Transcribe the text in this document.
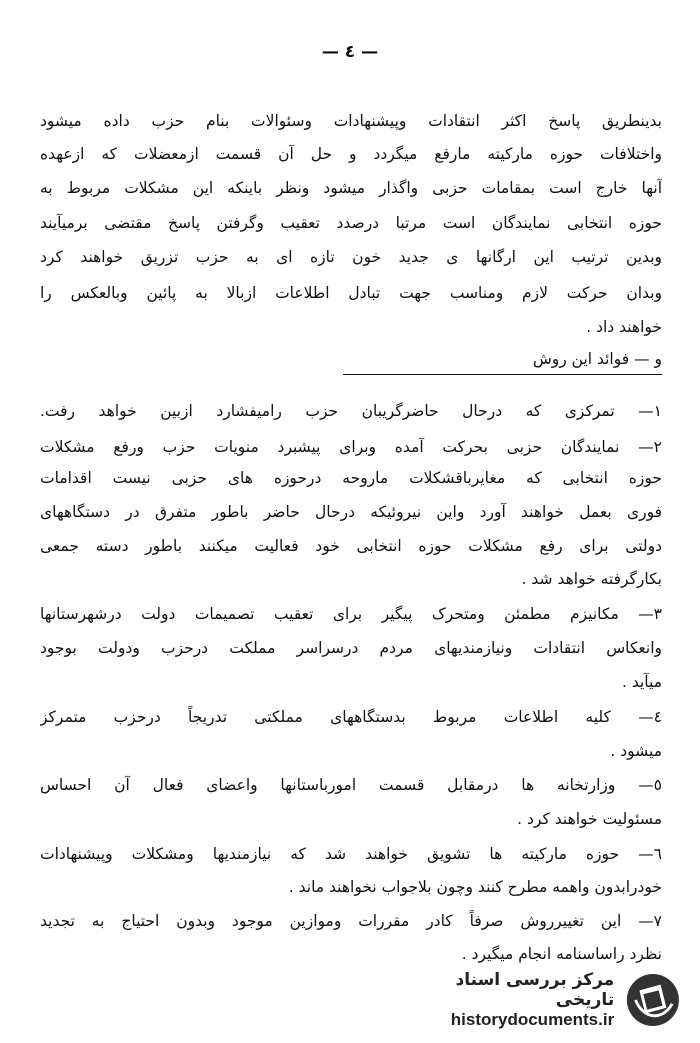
— ٤ —
بدینطریق پاسخ اکثر انتقادات وپیشنهادات وسئوالات بنام حزب داده میشود
واختلافات حوزه مارکیته مارفع میگردد و حل آن قسمت ازمعضلات که ازعهده
آنها خارج است بمقامات حزبی واگذار میشود ونظر باینکه این مشکلات مربوط به
حوزه انتخابی نمایندگان است مرتبا درصدد تعقیب وگرفتن پاسخ مقتضی برمیآیند
وبدین ترتیب این ارگانها ی جدید خون تازه ای به حزب تزریق خواهند کرد
وبدان حرکت لازم ومناسب جهت تبادل اطلاعات ازبالا به پائین وبالعکس را
خواهند داد .
و — فوائد این روش
١— تمرکزی که درحال حاضرگریبان حزب رامیفشارد ازبین خواهد رفت.
٢— نمایندگان حزبی بحرکت آمده وبرای پیشبرد منویات حزب ورفع مشکلات
حوزه انتخابی که مغایرباقشکلات ماروحه درحوزه های حزبی نیست اقدامات
فوری بعمل خواهند آورد واین نیروئیکه درحال حاضر باطور متفرق در دستگاههای
دولتی برای رفع مشکلات حوزه انتخابی خود فعالیت میکنند باطور دسته جمعی
بکارگرفته خواهد شد .
٣— مکانیزم مطمئن ومتحرک پیگیر برای تعقیب تصمیمات دولت درشهرستانها
وانعکاس انتقادات ونیازمندیهای مردم درسراسر مملکت درحزب ودولت بوجود
میآید .
٤— کلیه اطلاعات مربوط بدستگاههای مملکتی تدریجاً درحزب متمرکز
میشود .
٥— وزارتخانه ها درمقابل قسمت امورباستانها واعضای فعال آن احساس
مسئولیت خواهند کرد .
٦— حوزه مارکیته ها تشویق خواهند شد که نیازمندیها ومشکلات وپیشنهادات
خودرابدون واهمه مطرح کنند وچون بلاجواب نخواهند ماند .
٧— این تغییرروش صرفاً کادر مقررات وموازین موجود وبدون احتیاج به تجدید
نظرد راساسنامه انجام میگیرد .
مرکز بررسی اسناد تاریخی
historydocuments.ir
